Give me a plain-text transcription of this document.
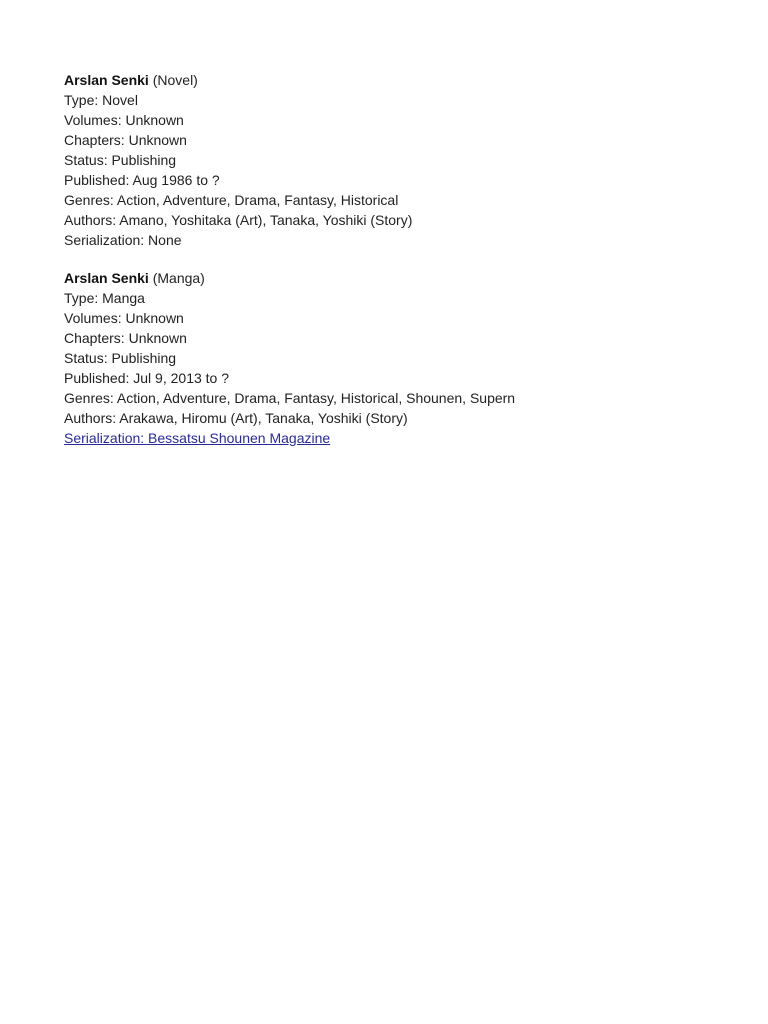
Arslan Senki (Novel)
Type: Novel
Volumes: Unknown
Chapters: Unknown
Status: Publishing
Published: Aug 1986 to ?
Genres: Action, Adventure, Drama, Fantasy, Historical
Authors: Amano, Yoshitaka (Art), Tanaka, Yoshiki (Story)
Serialization: None
Arslan Senki (Manga)
Type: Manga
Volumes: Unknown
Chapters: Unknown
Status: Publishing
Published: Jul 9, 2013 to ?
Genres: Action, Adventure, Drama, Fantasy, Historical, Shounen, Supern
Authors: Arakawa, Hiromu (Art), Tanaka, Yoshiki (Story)
Serialization: Bessatsu Shounen Magazine
